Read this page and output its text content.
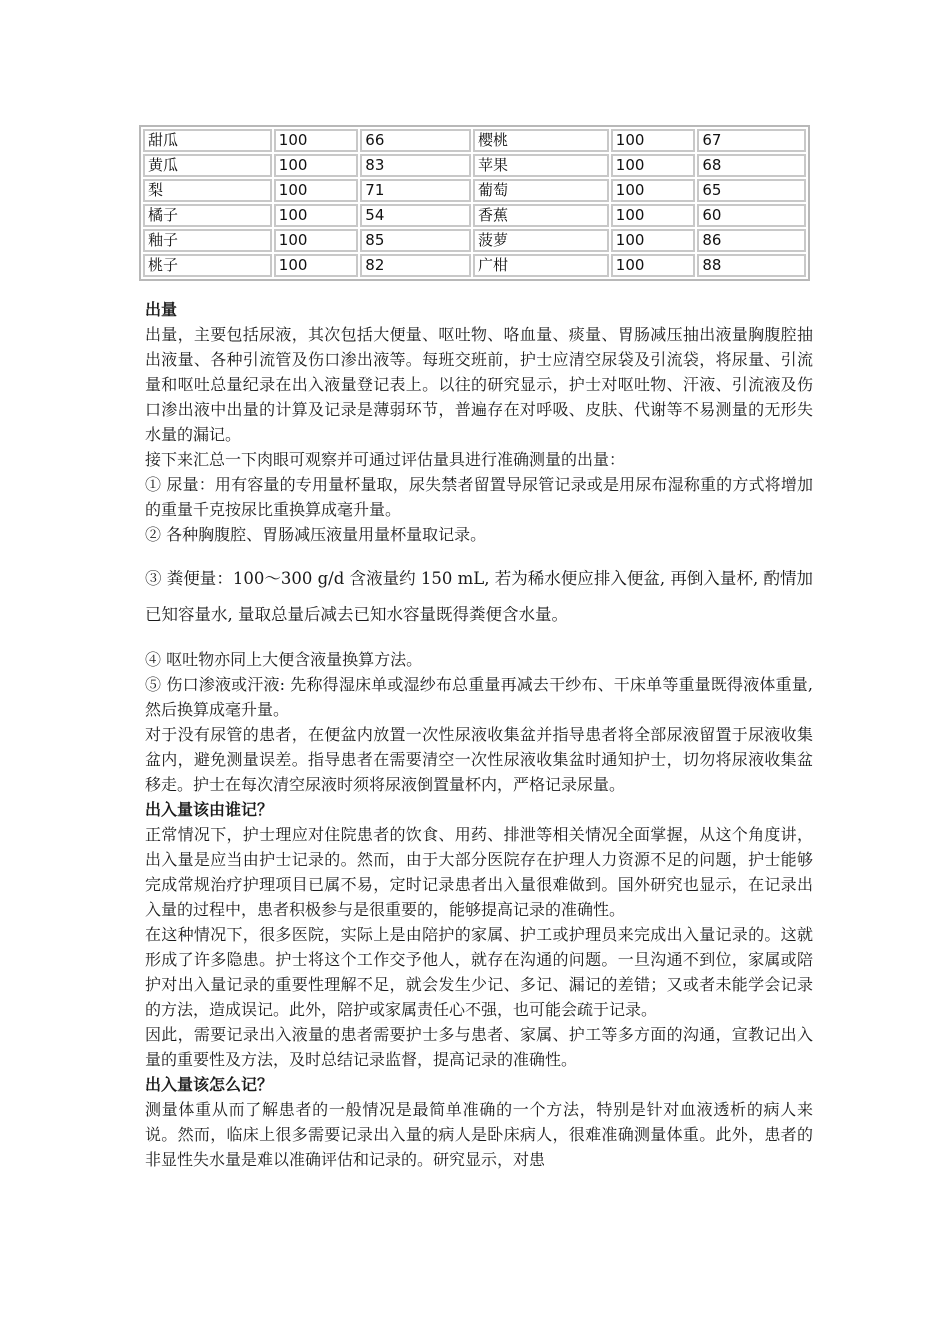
甜瓜	100	66	樱桃	100	67
黄瓜	100	83	苹果	100	68
梨	100	71	葡萄	100	65
橘子	100	54	香蕉	100	60
釉子	100	85	菠萝	100	86
桃子	100	82	广柑	100	88
出量

出量，主要包括尿液，其次包括大便量、呕吐物、咯血量、痰量、胃肠减压抽出液量胸腹腔抽出液量、各种引流管及伤口渗出液等。每班交班前，护士应清空尿袋及引流袋，将尿量、引流量和呕吐总量纪录在出入液量登记表上。以往的研究显示，护士对呕吐物、汗液、引流液及伤口渗出液中出量的计算及记录是薄弱环节，普遍存在对呼吸、皮肤、代谢等不易测量的无形失水量的漏记。

接下来汇总一下肉眼可观察并可通过评估量具进行准确测量的出量：

① 尿量：用有容量的专用量杯量取，尿失禁者留置导尿管记录或是用尿布湿称重的方式将增加的重量千克按尿比重换算成毫升量。

② 各种胸腹腔、胃肠减压液量用量杯量取记录。

③ 粪便量：100～300 g/d 含液量约 150 mL, 若为稀水便应排入便盆, 再倒入量杯, 酌情加已知容量水, 量取总量后减去已知水容量既得粪便含水量。

④ 呕吐物亦同上大便含液量换算方法。

⑤ 伤口渗液或汗液: 先称得湿床单或湿纱布总重量再减去干纱布、干床单等重量既得液体重量, 然后换算成毫升量。

对于没有尿管的患者，在便盆内放置一次性尿液收集盆并指导患者将全部尿液留置于尿液收集盆内，避免测量误差。指导患者在需要清空一次性尿液收集盆时通知护士，切勿将尿液收集盆移走。护士在每次清空尿液时须将尿液倒置量杯内，严格记录尿量。

出入量该由谁记？

正常情况下，护士理应对住院患者的饮食、用药、排泄等相关情况全面掌握，从这个角度讲，出入量是应当由护士记录的。然而，由于大部分医院存在护理人力资源不足的问题，护士能够完成常规治疗护理项目已属不易，定时记录患者出入量很难做到。国外研究也显示，在记录出入量的过程中，患者积极参与是很重要的，能够提高记录的准确性。

在这种情况下，很多医院，实际上是由陪护的家属、护工或护理员来完成出入量记录的。这就形成了许多隐患。护士将这个工作交予他人，就存在沟通的问题。一旦沟通不到位，家属或陪护对出入量记录的重要性理解不足，就会发生少记、多记、漏记的差错；又或者未能学会记录的方法，造成误记。此外，陪护或家属责任心不强，也可能会疏于记录。

因此，需要记录出入液量的患者需要护士多与患者、家属、护工等多方面的沟通，宣教记出入量的重要性及方法，及时总结记录监督，提高记录的准确性。

出入量该怎么记？

测量体重从而了解患者的一般情况是最简单准确的一个方法，特别是针对血液透析的病人来说。然而，临床上很多需要记录出入量的病人是卧床病人，很难准确测量体重。此外，患者的非显性失水量是难以准确评估和记录的。研究显示，对患
